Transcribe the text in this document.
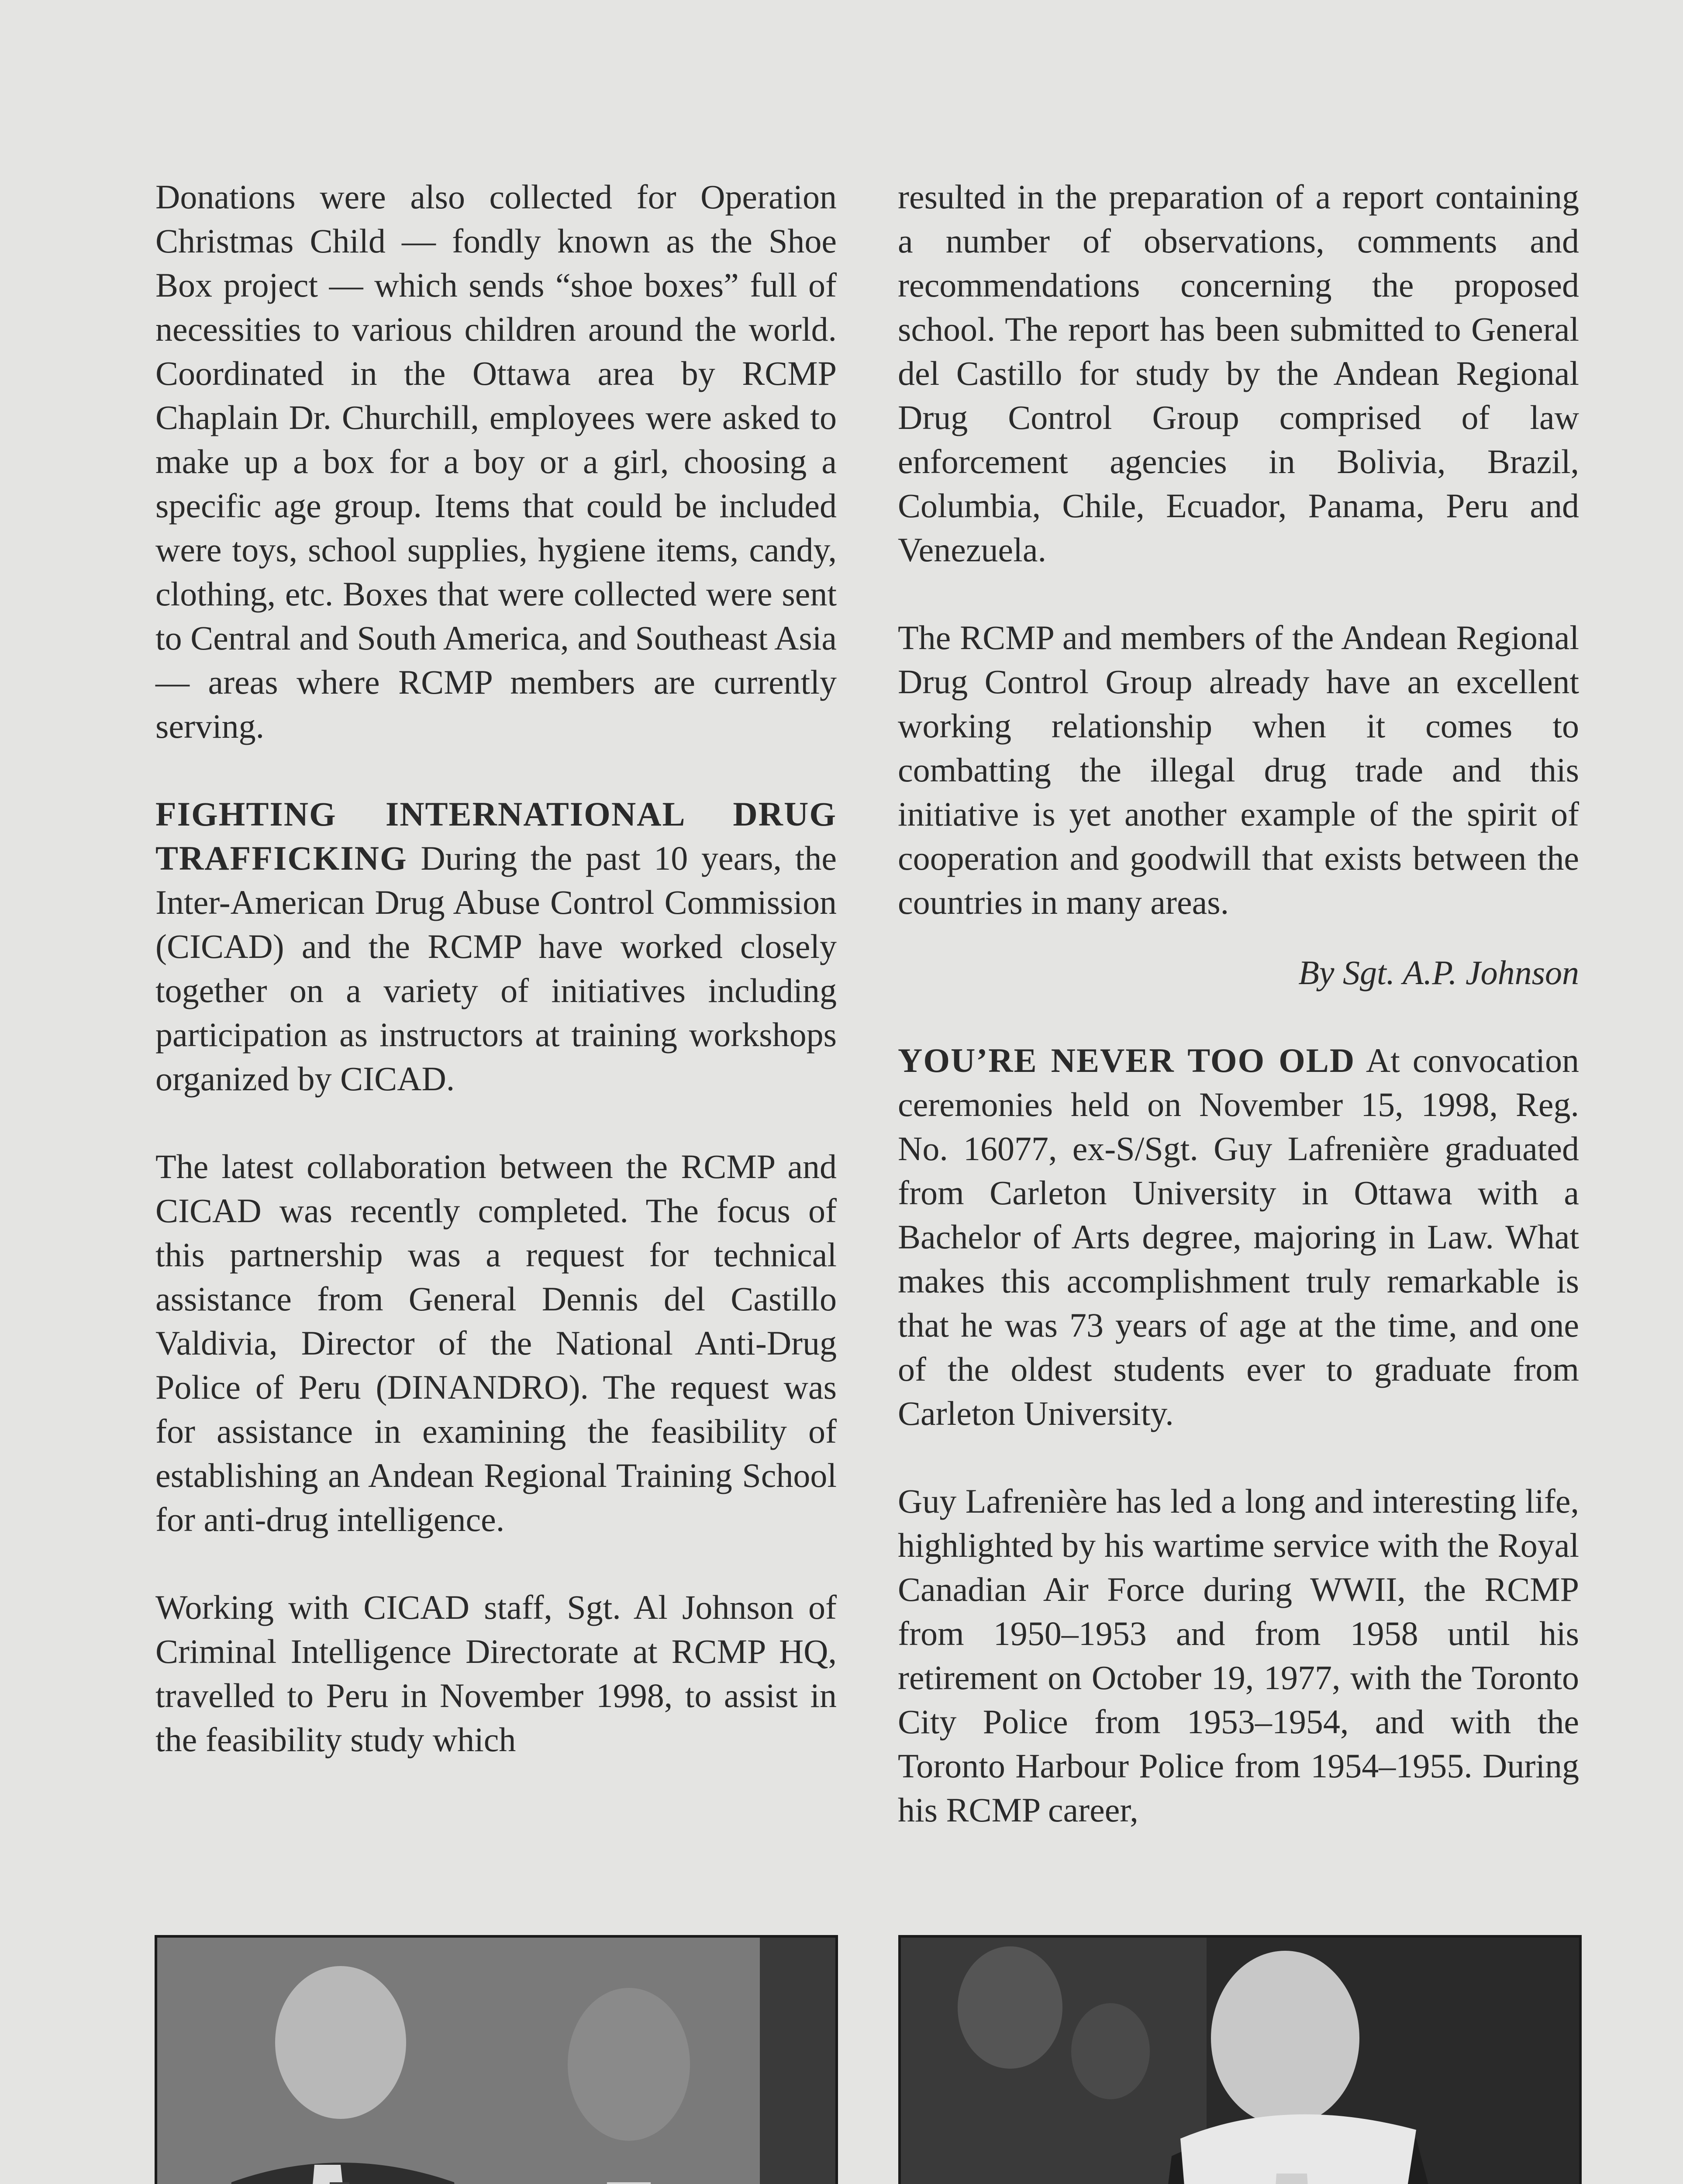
Donations were also collected for Operation Christmas Child — fondly known as the Shoe Box project — which sends “shoe boxes” full of necessities to various children around the world. Coordinated in the Ottawa area by RCMP Chaplain Dr. Churchill, employees were asked to make up a box for a boy or a girl, choosing a specific age group. Items that could be included were toys, school supplies, hygiene items, candy, clothing, etc. Boxes that were collected were sent to Central and South America, and Southeast Asia — areas where RCMP members are currently serving.

FIGHTING INTERNATIONAL DRUG TRAFFICKING During the past 10 years, the Inter-American Drug Abuse Control Commission (CICAD) and the RCMP have worked closely together on a variety of initiatives including participation as instructors at training workshops organized by CICAD.

The latest collaboration between the RCMP and CICAD was recently completed. The focus of this partnership was a request for technical assistance from General Dennis del Castillo Valdivia, Director of the National Anti-Drug Police of Peru (DINANDRO). The request was for assistance in examining the feasibility of establishing an Andean Regional Training School for anti-drug intelligence.

Working with CICAD staff, Sgt. Al Johnson of Criminal Intelligence Directorate at RCMP HQ, travelled to Peru in November 1998, to assist in the feasibility study which

resulted in the preparation of a report containing a number of observations, comments and recommendations concerning the proposed school. The report has been submitted to General del Castillo for study by the Andean Regional Drug Control Group comprised of law enforcement agencies in Bolivia, Brazil, Columbia, Chile, Ecuador, Panama, Peru and Venezuela.

The RCMP and members of the Andean Regional Drug Control Group already have an excellent working relationship when it comes to combatting the illegal drug trade and this initiative is yet another example of the spirit of cooperation and goodwill that exists between the countries in many areas.

By Sgt. A.P. Johnson

YOU’RE NEVER TOO OLD At convocation ceremonies held on November 15, 1998, Reg. No. 16077, ex-S/Sgt. Guy Lafrenière graduated from Carleton University in Ottawa with a Bachelor of Arts degree, majoring in Law. What makes this accomplishment truly remarkable is that he was 73 years of age at the time, and one of the oldest students ever to graduate from Carleton University.

Guy Lafrenière has led a long and interesting life, highlighted by his wartime service with the Royal Canadian Air Force during WWII, the RCMP from 1950–1953 and from 1958 until his retirement on October 19, 1977, with the Toronto City Police from 1953–1954, and with the Toronto Harbour Police from 1954–1955. During his RCMP career,
